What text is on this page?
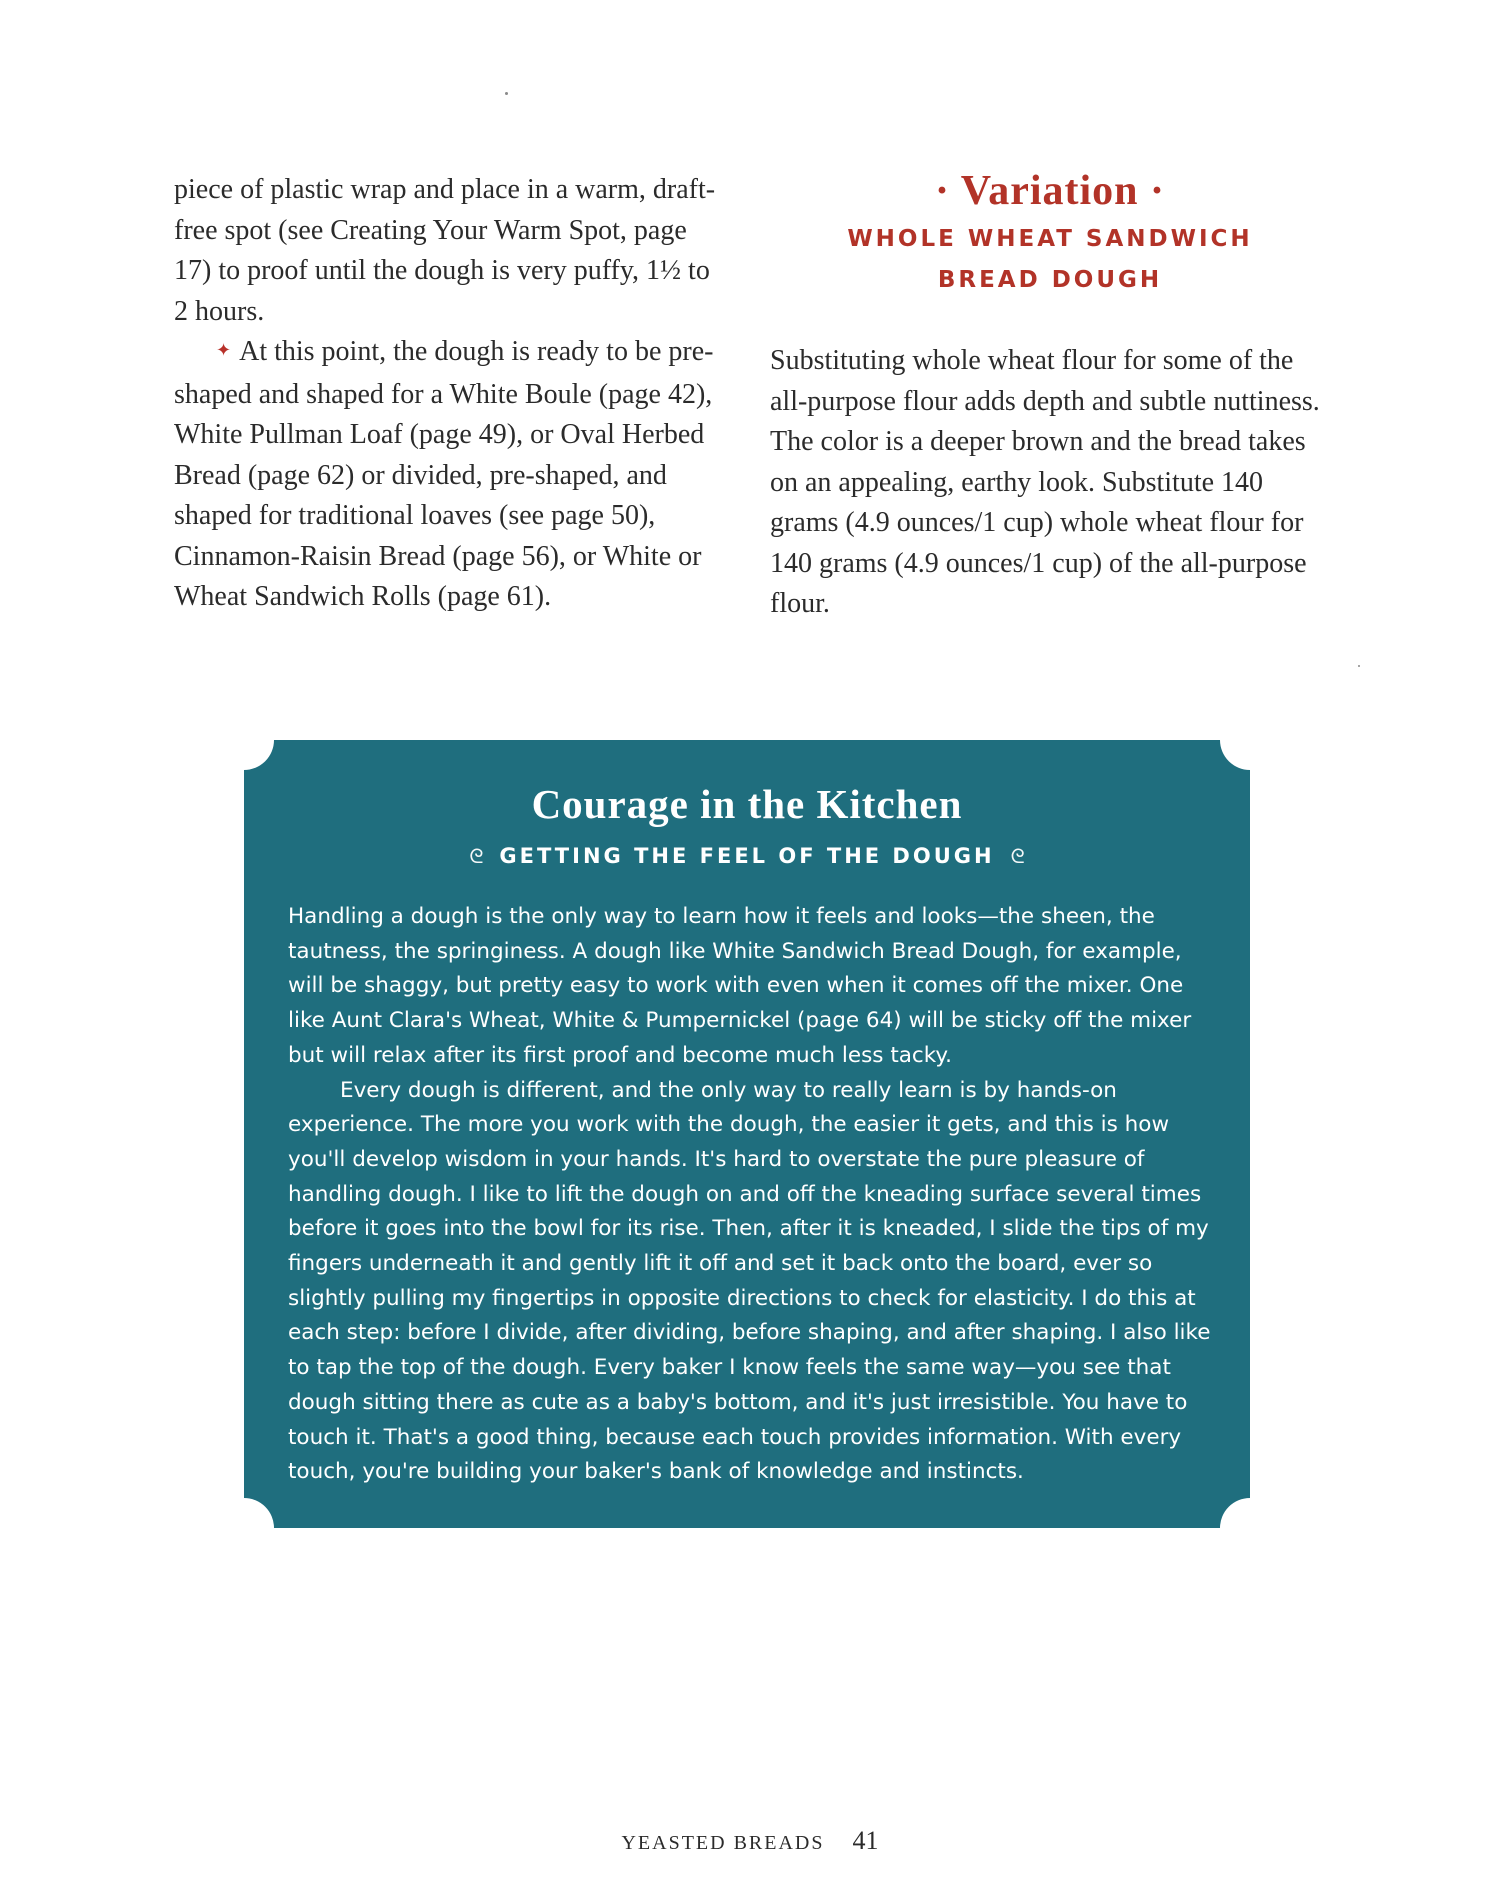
piece of plastic wrap and place in a warm, draft-free spot (see Creating Your Warm Spot, page 17) to proof until the dough is very puffy, 1½ to 2 hours.

✦ At this point, the dough is ready to be pre-shaped and shaped for a White Boule (page 42), White Pullman Loaf (page 49), or Oval Herbed Bread (page 62) or divided, pre-shaped, and shaped for traditional loaves (see page 50), Cinnamon-Raisin Bread (page 56), or White or Wheat Sandwich Rolls (page 61).

· Variation ·
WHOLE WHEAT SANDWICH
BREAD DOUGH

Substituting whole wheat flour for some of the all-purpose flour adds depth and subtle nuttiness. The color is a deeper brown and the bread takes on an appealing, earthy look. Substitute 140 grams (4.9 ounces/1 cup) whole wheat flour for 140 grams (4.9 ounces/1 cup) of the all-purpose flour.

Courage in the Kitchen
ᘓ GETTING THE FEEL OF THE DOUGH ᘓ

Handling a dough is the only way to learn how it feels and looks—the sheen, the tautness, the springiness. A dough like White Sandwich Bread Dough, for example, will be shaggy, but pretty easy to work with even when it comes off the mixer. One like Aunt Clara's Wheat, White & Pumpernickel (page 64) will be sticky off the mixer but will relax after its first proof and become much less tacky.

Every dough is different, and the only way to really learn is by hands-on experience. The more you work with the dough, the easier it gets, and this is how you'll develop wisdom in your hands. It's hard to overstate the pure pleasure of handling dough. I like to lift the dough on and off the kneading surface several times before it goes into the bowl for its rise. Then, after it is kneaded, I slide the tips of my fingers underneath it and gently lift it off and set it back onto the board, ever so slightly pulling my fingertips in opposite directions to check for elasticity. I do this at each step: before I divide, after dividing, before shaping, and after shaping. I also like to tap the top of the dough. Every baker I know feels the same way—you see that dough sitting there as cute as a baby's bottom, and it's just irresistible. You have to touch it. That's a good thing, because each touch provides information. With every touch, you're building your baker's bank of knowledge and instincts.

YEASTED BREADS 41
